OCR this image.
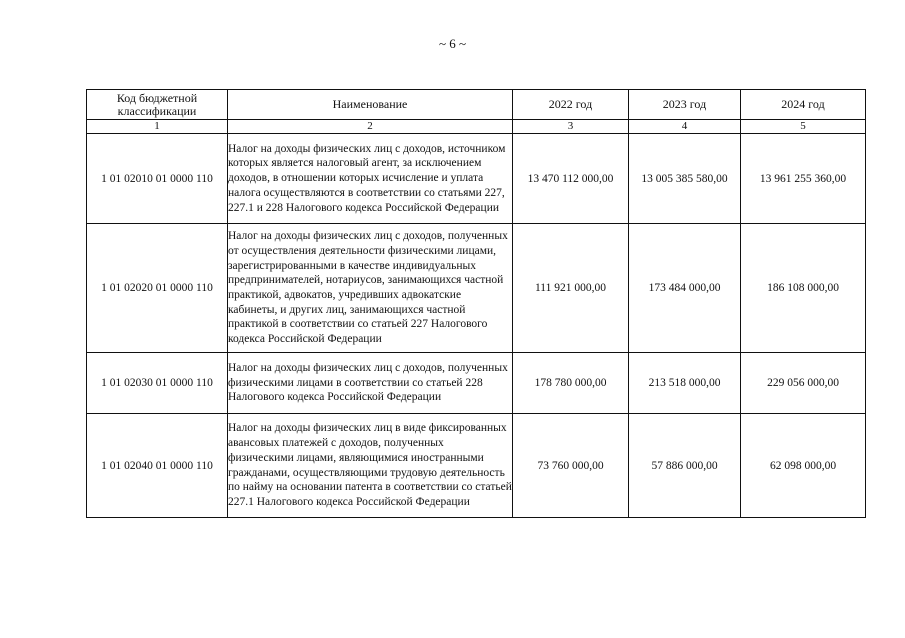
~ 6 ~
Код бюджетной классификации	Наименование	2022 год	2023 год	2024 год
1	2	3	4	5
1 01 02010 01 0000 110	Налог на доходы физических лиц с доходов, источником которых является налоговый агент, за исключением доходов, в отношении которых исчисление и уплата налога осуществляются в соответствии со статьями 227, 227.1 и 228 Налогового кодекса Российской Федерации	13 470 112 000,00	13 005 385 580,00	13 961 255 360,00
1 01 02020 01 0000 110	Налог на доходы физических лиц с доходов, полученных от осуществления деятельности физическими лицами, зарегистрированными в качестве индивидуальных предпринимателей, нотариусов, занимающихся частной практикой, адвокатов, учредивших адвокатские кабинеты, и других лиц, занимающихся частной практикой в соответствии со статьей 227 Налогового кодекса Российской Федерации	111 921 000,00	173 484 000,00	186 108 000,00
1 01 02030 01 0000 110	Налог на доходы физических лиц с доходов, полученных физическими лицами в соответствии со статьей 228 Налогового кодекса Российской Федерации	178 780 000,00	213 518 000,00	229 056 000,00
1 01 02040 01 0000 110	Налог на доходы физических лиц в виде фиксированных авансовых платежей с доходов, полученных физическими лицами, являющимися иностранными гражданами, осуществляющими трудовую деятельность по найму на основании патента в соответствии со статьей 227.1 Налогового кодекса Российской Федерации	73 760 000,00	57 886 000,00	62 098 000,00
